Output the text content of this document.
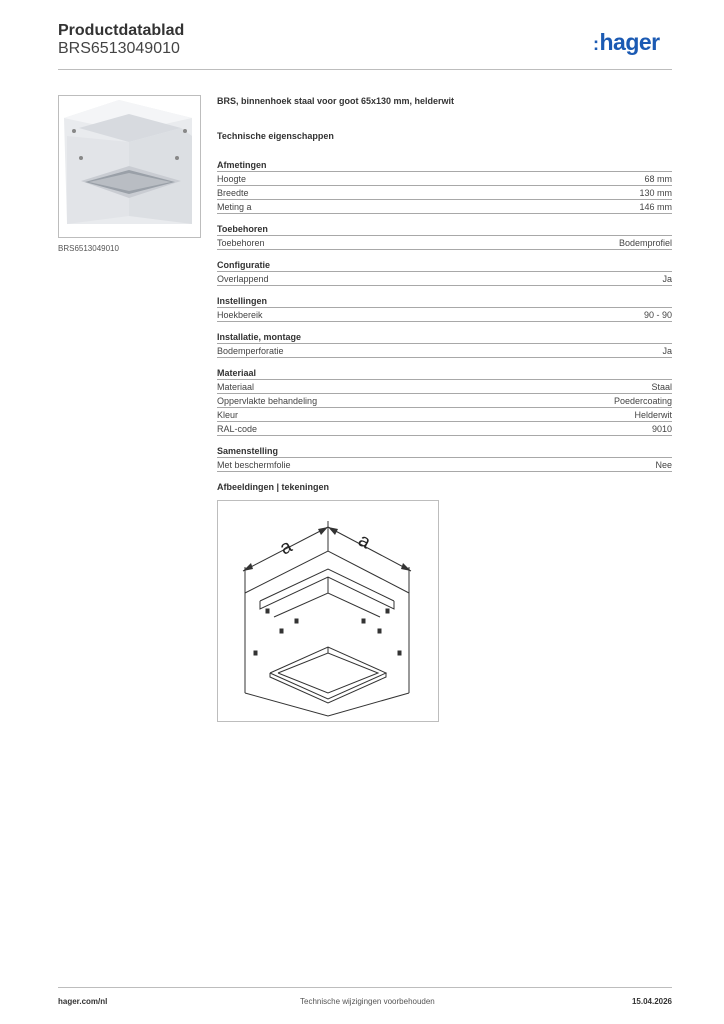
Productdatablad
BRS6513049010	:hager
BRS6513049010
BRS, binnenhoek staal voor goot 65x130 mm, helderwit
Technische eigenschappen
Afmetingen
Hoogte	68 mm
Breedte	130 mm
Meting a	146 mm
Toebehoren
Toebehoren	Bodemprofiel
Configuratie
Overlappend	Ja
Instellingen
Hoekbereik	90 - 90
Installatie, montage
Bodemperforatie	Ja
Materiaal
Materiaal	Staal
Oppervlakte behandeling	Poedercoating
Kleur	Helderwit
RAL-code	9010
Samenstelling
Met beschermfolie	Nee
Afbeeldingen | tekeningen
a	a
hager.com/nl	Technische wijzigingen voorbehouden	15.04.2026
